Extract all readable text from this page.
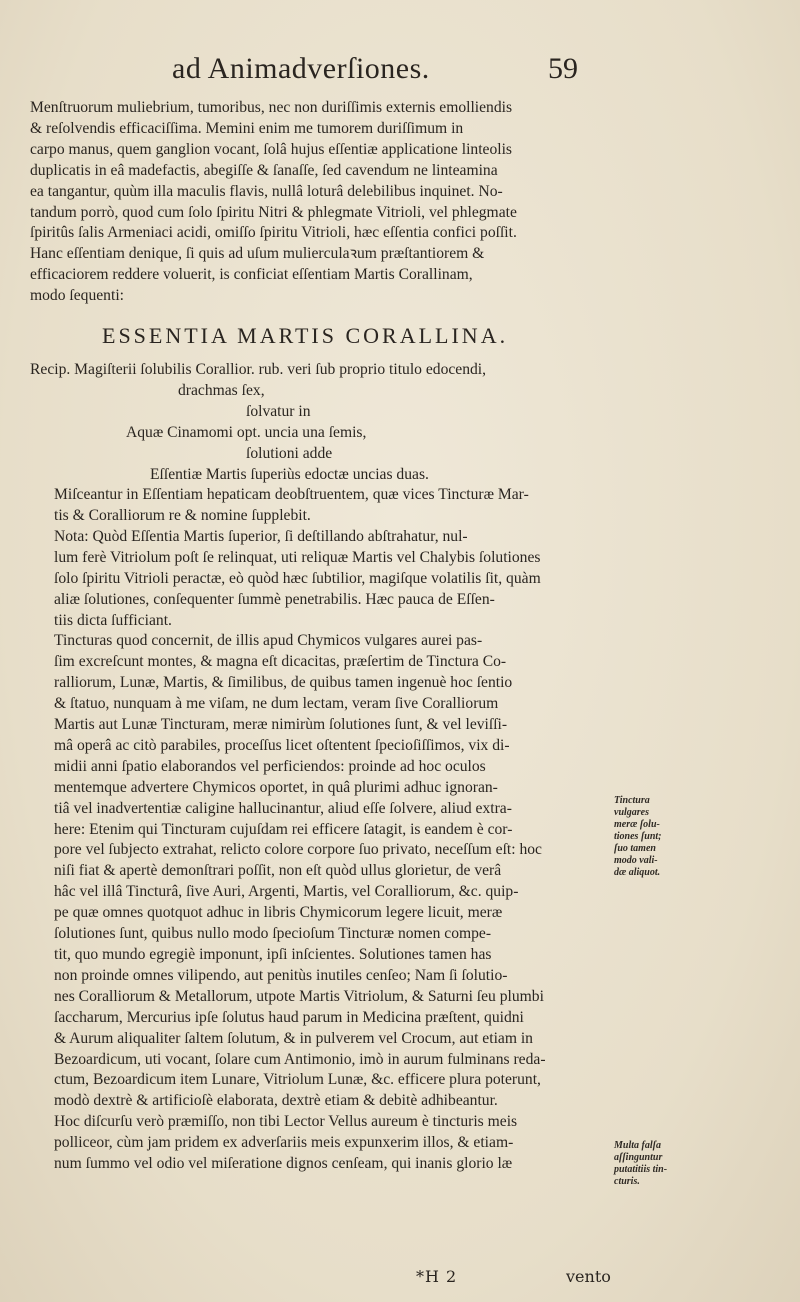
ad Animadverſiones.	59
Menſtruorum muliebrium, tumoribus, nec non duriſſimis externis emolliendis
& reſolvendis efficaciſſima. Memini enim me tumorem duriſſimum in
carpo manus, quem ganglion vocant, ſolâ hujus eſſentiæ applicatione linteolis
duplicatis in eâ madefactis, abegiſſe & ſanaſſe, ſed cavendum ne linteamina
ea tangantur, quùm illa maculis flavis, nullâ loturâ delebilibus inquinet. No-
tandum porrò, quod cum ſolo ſpiritu Nitri & phlegmate Vitrioli, vel phlegmate
ſpiritûs ſalis Armeniaci acidi, omiſſo ſpiritu Vitrioli, hæc eſſentia confici poſſit.
Hanc eſſentiam denique, ſi quis ad uſum mulierculaꝛum præſtantiorem &
efficaciorem reddere voluerit, is conficiat eſſentiam Martis Corallinam,
modo ſequenti:
ESSENTIA MARTIS CORALLINA.
Recip. Magiſterii ſolubilis Corallior. rub. veri ſub proprio titulo edocendi,
drachmas ſex,
ſolvatur in
Aquæ Cinamomi opt. uncia una ſemis,
ſolutioni adde
Eſſentiæ Martis ſuperiùs edoctæ uncias duas.
Miſceantur in Eſſentiam hepaticam deobſtruentem, quæ vices Tincturæ Mar-
tis & Coralliorum re & nomine ſupplebit.
Nota: Quòd Eſſentia Martis ſuperior, ſi deſtillando abſtrahatur, nul-
lum ferè Vitriolum poſt ſe relinquat, uti reliquæ Martis vel Chalybis ſolutiones
ſolo ſpiritu Vitrioli peractæ, eò quòd hæc ſubtilior, magiſque volatilis ſit, quàm
aliæ ſolutiones, conſequenter ſummè penetrabilis. Hæc pauca de Eſſen-
tiis dicta ſufficiant.
Tincturas quod concernit, de illis apud Chymicos vulgares aurei pas-
ſim excreſcunt montes, & magna eſt dicacitas, præſertim de Tinctura Co-
ralliorum, Lunæ, Martis, & ſimilibus, de quibus tamen ingenuè hoc ſentio
& ſtatuo, nunquam à me viſam, ne dum lectam, veram ſive Coralliorum
Martis aut Lunæ Tincturam, meræ nimirùm ſolutiones ſunt, & vel leviſſi-
mâ operâ ac citò parabiles, proceſſus licet oſtentent ſpecioſiſſimos, vix di-
midii anni ſpatio elaborandos vel perficiendos: proinde ad hoc oculos
mentemque advertere Chymicos oportet, in quâ plurimi adhuc ignoran-
tiâ vel inadvertentiæ caligine hallucinantur, aliud eſſe ſolvere, aliud extra-
here: Etenim qui Tincturam cujuſdam rei efficere ſatagit, is eandem è cor-
pore vel ſubjecto extrahat, relicto colore corpore ſuo privato, neceſſum eſt: hoc
niſi fiat & apertè demonſtrari poſſit, non eſt quòd ullus glorietur, de verâ
hâc vel illâ Tincturâ, ſive Auri, Argenti, Martis, vel Coralliorum, &c. quip-
pe quæ omnes quotquot adhuc in libris Chymicorum legere licuit, meræ
ſolutiones ſunt, quibus nullo modo ſpecioſum Tincturæ nomen compe-
tit, quo mundo egregiè imponunt, ipſi inſcientes. Solutiones tamen has
non proinde omnes vilipendo, aut penitùs inutiles cenſeo; Nam ſi ſolutio-
nes Coralliorum & Metallorum, utpote Martis Vitriolum, & Saturni ſeu plumbi
ſaccharum, Mercurius ipſe ſolutus haud parum in Medicina præſtent, quidni
& Aurum aliqualiter ſaltem ſolutum, & in pulverem vel Crocum, aut etiam in
Bezoardicum, uti vocant, ſolare cum Antimonio, imò in aurum fulminans reda-
ctum, Bezoardicum item Lunare, Vitriolum Lunæ, &c. efficere plura poterunt,
modò dextrè & artificioſè elaborata, dextrè etiam & debitè adhibeantur.
Hoc diſcurſu verò præmiſſo, non tibi Lector Vellus aureum è tincturis meis
polliceor, cùm jam pridem ex adverſariis meis expunxerim illos, & etiam-
num ſummo vel odio vel miſeratione dignos cenſeam, qui inanis glorio læ
Tinctura
vulgares
meræ ſolu-
tiones ſunt;
ſuo tamen
modo vali-
dæ aliquot.
Multa falſa
aſſinguntur
putatitiis tin-
cturis.
*H 2	vento
